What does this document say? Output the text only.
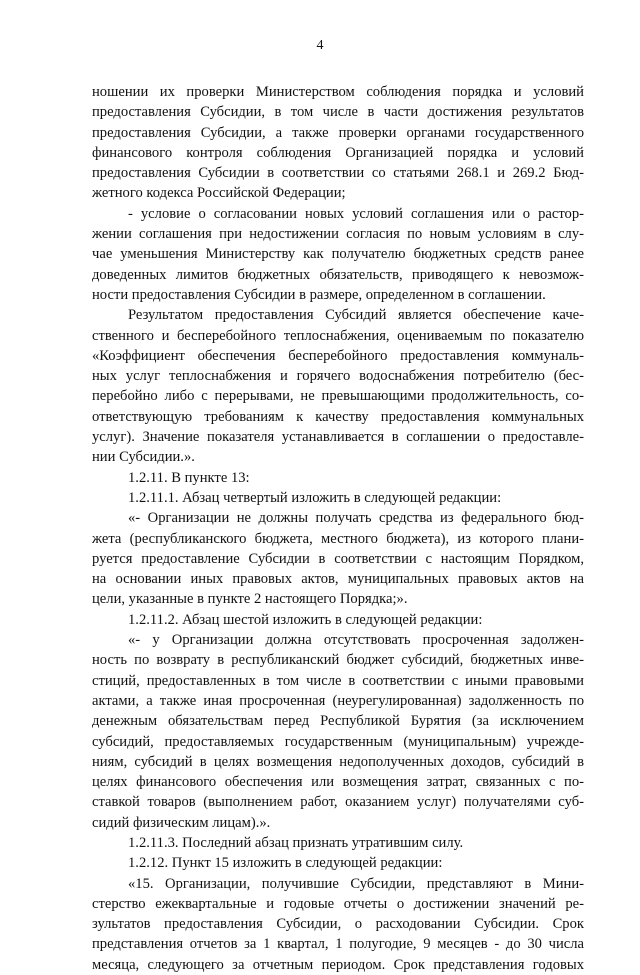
4
ношении их проверки Министерством соблюдения порядка и условий
предоставления Субсидии, в том числе в части достижения результатов
предоставления Субсидии, а также проверки органами государственного
финансового контроля соблюдения Организацией порядка и условий
предоставления Субсидии в соответствии со статьями 268.1 и 269.2 Бюд-
жетного кодекса Российской Федерации;
- условие о согласовании новых условий соглашения или о растор-
жении соглашения при недостижении согласия по новым условиям в слу-
чае уменьшения Министерству как получателю бюджетных средств ранее
доведенных лимитов бюджетных обязательств, приводящего к невозмож-
ности предоставления Субсидии в размере, определенном в соглашении.
Результатом предоставления Субсидий является обеспечение каче-
ственного и бесперебойного теплоснабжения, оцениваемым по показателю
«Коэффициент обеспечения бесперебойного предоставления коммуналь-
ных услуг теплоснабжения и горячего водоснабжения потребителю (бес-
перебойно либо с перерывами, не превышающими продолжительность, со-
ответствующую требованиям к качеству предоставления коммунальных
услуг). Значение показателя устанавливается в соглашении о предоставле-
нии Субсидии.».
1.2.11. В пункте 13:
1.2.11.1. Абзац четвертый изложить в следующей редакции:
«- Организации не должны получать средства из федерального бюд-
жета (республиканского бюджета, местного бюджета), из которого плани-
руется предоставление Субсидии в соответствии с настоящим Порядком,
на основании иных правовых актов, муниципальных правовых актов на
цели, указанные в пункте 2 настоящего Порядка;».
1.2.11.2. Абзац шестой изложить в следующей редакции:
«- у Организации должна отсутствовать просроченная задолжен-
ность по возврату в республиканский бюджет субсидий, бюджетных инве-
стиций, предоставленных в том числе в соответствии с иными правовыми
актами, а также иная просроченная (неурегулированная) задолженность по
денежным обязательствам перед Республикой Бурятия (за исключением
субсидий, предоставляемых государственным (муниципальным) учрежде-
ниям, субсидий в целях возмещения недополученных доходов, субсидий в
целях финансового обеспечения или возмещения затрат, связанных с по-
ставкой товаров (выполнением работ, оказанием услуг) получателями суб-
сидий физическим лицам).».
1.2.11.3. Последний абзац признать утратившим силу.
1.2.12. Пункт 15 изложить в следующей редакции:
«15. Организации, получившие Субсидии, представляют в Мини-
стерство ежеквартальные и годовые отчеты о достижении значений ре-
зультатов предоставления Субсидии, о расходовании Субсидии. Срок
представления отчетов за 1 квартал, 1 полугодие, 9 месяцев - до 30 числа
месяца, следующего за отчетным периодом. Срок представления годовых
